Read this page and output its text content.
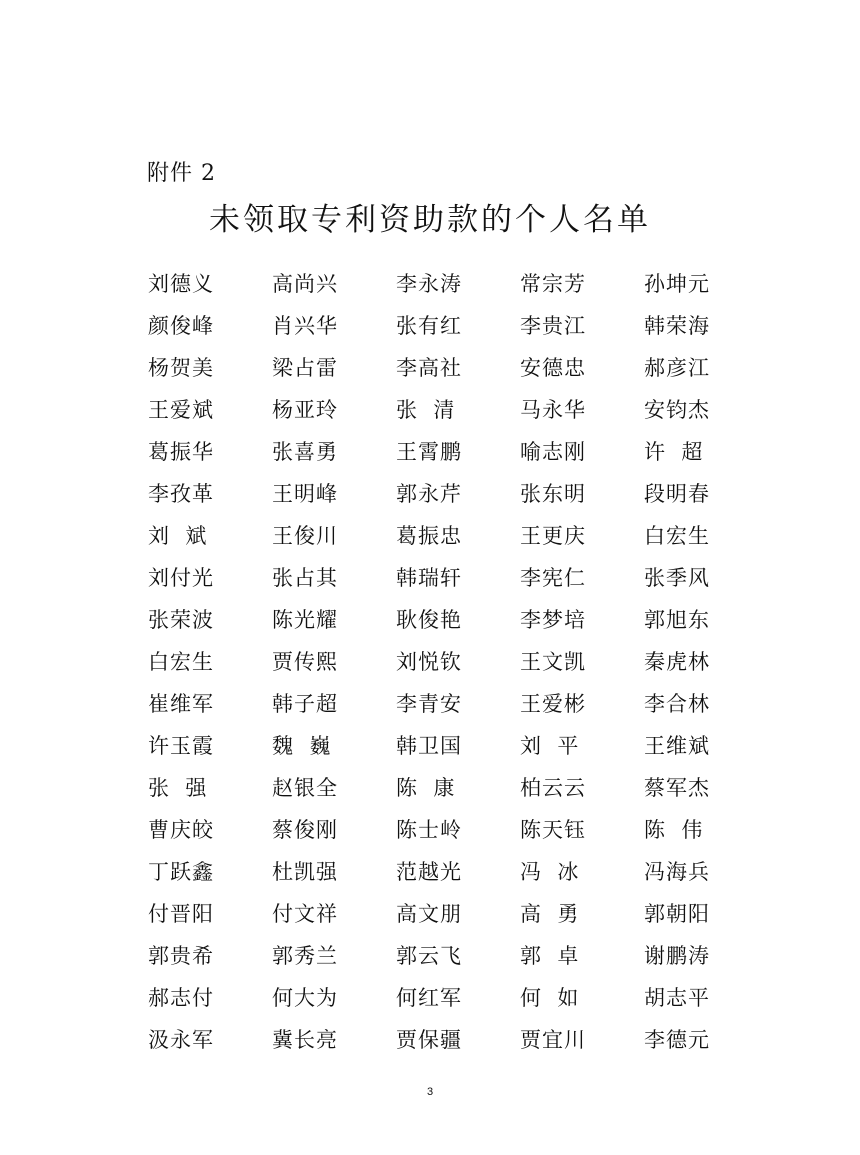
附件 2
未领取专利资助款的个人名单
刘德义	高尚兴	李永涛	常宗芳	孙坤元
颜俊峰	肖兴华	张有红	李贵江	韩荣海
杨贺美	梁占雷	李高社	安德忠	郝彦江
王爱斌	杨亚玲	张  清	马永华	安钧杰
葛振华	张喜勇	王霄鹏	喻志刚	许  超
李孜革	王明峰	郭永芹	张东明	段明春
刘  斌	王俊川	葛振忠	王更庆	白宏生
刘付光	张占其	韩瑞轩	李宪仁	张季风
张荣波	陈光耀	耿俊艳	李梦培	郭旭东
白宏生	贾传熙	刘悦钦	王文凯	秦虎林
崔维军	韩子超	李青安	王爱彬	李合林
许玉霞	魏  巍	韩卫国	刘  平	王维斌
张  强	赵银全	陈  康	柏云云	蔡军杰
曹庆皎	蔡俊刚	陈士岭	陈天钰	陈  伟
丁跃鑫	杜凯强	范越光	冯  冰	冯海兵
付晋阳	付文祥	高文朋	高  勇	郭朝阳
郭贵希	郭秀兰	郭云飞	郭  卓	谢鹏涛
郝志付	何大为	何红军	何  如	胡志平
汲永军	冀长亮	贾保疆	贾宜川	李德元
3
